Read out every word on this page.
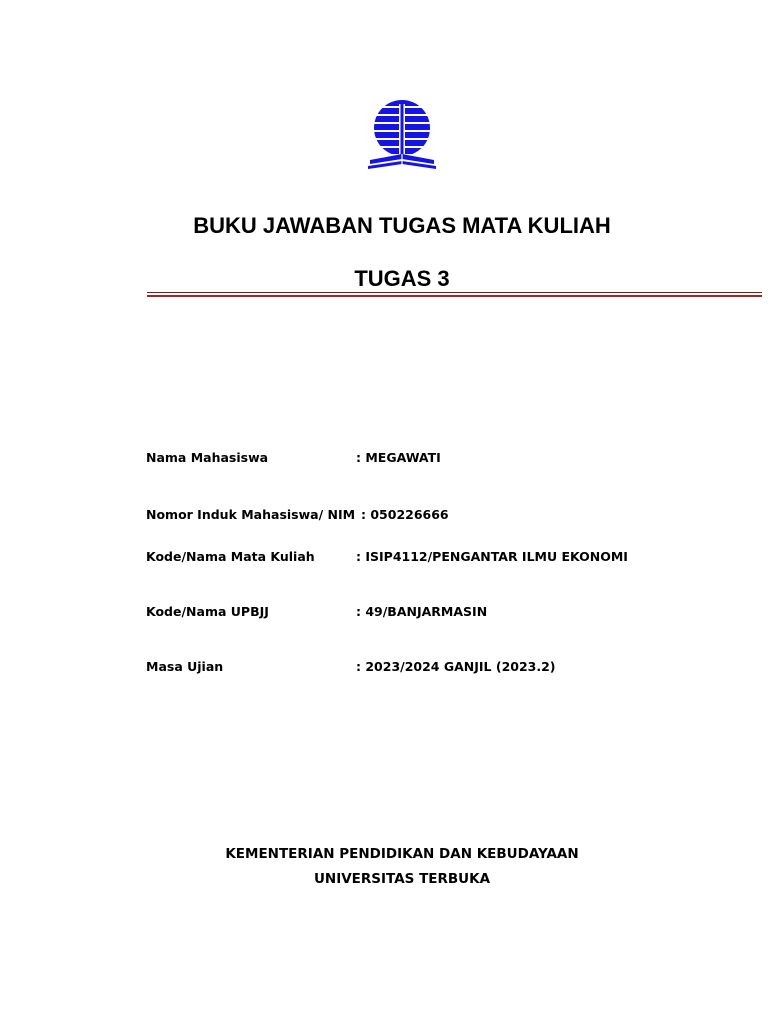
BUKU JAWABAN TUGAS MATA KULIAH
TUGAS 3
Nama Mahasiswa	: MEGAWATI
Nomor Induk Mahasiswa/ NIM : 050226666
Kode/Nama Mata Kuliah	: ISIP4112/PENGANTAR ILMU EKONOMI
Kode/Nama UPBJJ	: 49/BANJARMASIN
Masa Ujian	: 2023/2024 GANJIL (2023.2)
KEMENTERIAN PENDIDIKAN DAN KEBUDAYAAN
UNIVERSITAS TERBUKA
